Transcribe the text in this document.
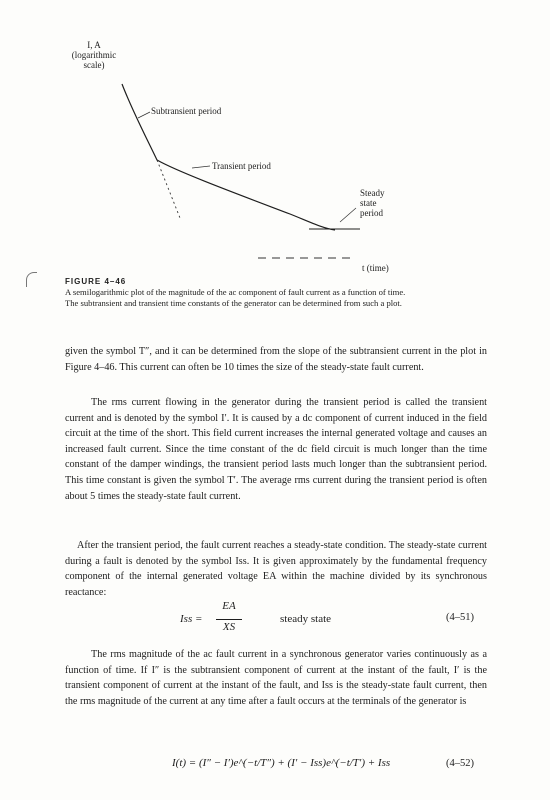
I, A
(logarithmic
scale)
Subtransient period
Transient period
Steady
state
period
t (time)
FIGURE 4–46
A semilogarithmic plot of the magnitude of the ac component of fault current as a function of time.
The subtransient and transient time constants of the generator can be determined from such a plot.

given the symbol T″, and it can be determined from the slope of the subtransient current in the plot in Figure 4–46. This current can often be 10 times the size of the steady-state fault current.

The rms current flowing in the generator during the transient period is called the transient current and is denoted by the symbol I′. It is caused by a dc component of current induced in the field circuit at the time of the short. This field current increases the internal generated voltage and causes an increased fault current. Since the time constant of the dc field circuit is much longer than the time constant of the damper windings, the transient period lasts much longer than the subtransient period. This time constant is given the symbol T′. The average rms current during the transient period is often about 5 times the steady-state fault current.

After the transient period, the fault current reaches a steady-state condition. The steady-state current during a fault is denoted by the symbol Iss. It is given approximately by the fundamental frequency component of the internal generated voltage EA within the machine divided by its synchronous reactance:

Iss =
EA
XS
steady state	(4–51)

The rms magnitude of the ac fault current in a synchronous generator varies continuously as a function of time. If I″ is the subtransient component of current at the instant of the fault, I′ is the transient component of current at the instant of the fault, and Iss is the steady-state fault current, then the rms magnitude of the current at any time after a fault occurs at the terminals of the generator is

I(t) = (I″ − I′)e^(−t/T″) + (I′ − Iss)e^(−t/T′) + Iss	(4–52)
